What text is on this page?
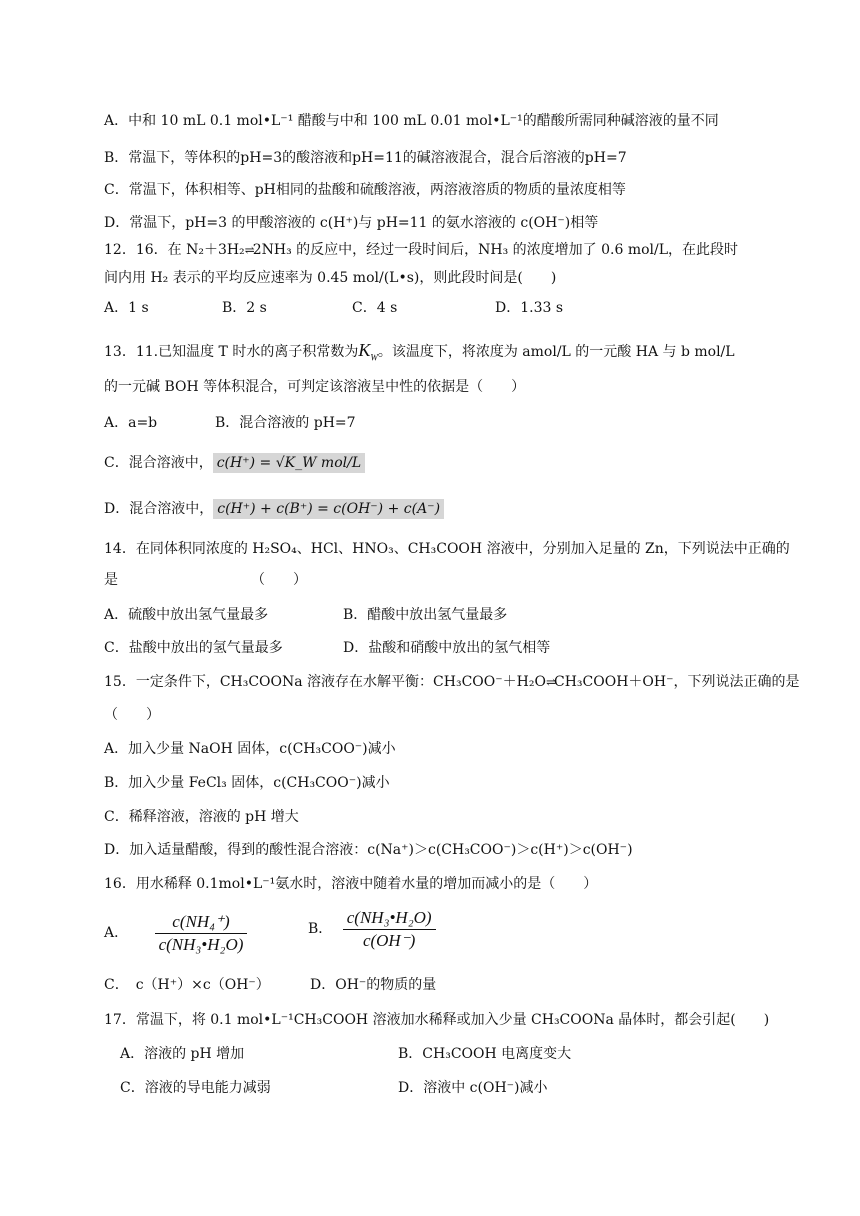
A．中和 10 mL 0.1 mol•L⁻¹ 醋酸与中和 100 mL 0.01 mol•L⁻¹的醋酸所需同种碱溶液的量不同
B．常温下，等体积的pH=3的酸溶液和pH=11的碱溶液混合，混合后溶液的pH=7
C．常温下，体积相等、pH相同的盐酸和硫酸溶液，两溶液溶质的物质的量浓度相等
D．常温下，pH=3 的甲酸溶液的 c(H⁺)与 pH=11 的氨水溶液的 c(OH⁻)相等
12．16．在 N₂＋3H₂⇌2NH₃ 的反应中，经过一段时间后，NH₃ 的浓度增加了 0.6 mol/L，在此段时
间内用 H₂ 表示的平均反应速率为 0.45 mol/(L•s)，则此段时间是(　　)
A．1 s	B．2 s	C．4 s	D．1.33 s
13．11.已知温度 T 时水的离子积常数为$K_W$。该温度下，将浓度为 amol/L 的一元酸 HA 与 b mol/L
的一元碱 BOH 等体积混合，可判定该溶液呈中性的依据是（　　）
A．a=b	B．混合溶液的 pH=7
C．混合溶液中， c(H⁺) = √K_W mol/L
D．混合溶液中， c(H⁺) + c(B⁺) = c(OH⁻) + c(A⁻)
14．在同体积同浓度的 H₂SO₄、HCl、HNO₃、CH₃COOH 溶液中，分别加入足量的 Zn，下列说法中正确的
是　　　　　　　　　　（　　）
A．硫酸中放出氢气量最多	B．醋酸中放出氢气量最多
C．盐酸中放出的氢气量最多	D．盐酸和硝酸中放出的氢气相等
15．一定条件下，CH₃COONa 溶液存在水解平衡：CH₃COO⁻＋H₂O⇌CH₃COOH＋OH⁻，下列说法正确的是
（　　）
A．加入少量 NaOH 固体，c(CH₃COO⁻)减小
B．加入少量 FeCl₃ 固体，c(CH₃COO⁻)减小
C．稀释溶液，溶液的 pH 增大
D．加入适量醋酸，得到的酸性混合溶液：c(Na⁺)＞c(CH₃COO⁻)＞c(H⁺)＞c(OH⁻)
16．用水稀释 0.1mol•L⁻¹氨水时，溶液中随着水量的增加而减小的是（　　）
A． $\frac{\text{c(NH₄⁺)}}{\text{c(NH₃•H₂O)}}$	B． $\frac{\text{c(NH₃•H₂O)}}{c(OH^-)}$
C．　c（H⁺）×c（OH⁻）	D．OH⁻的物质的量
17．常温下，将 0.1 mol•L⁻¹CH₃COOH 溶液加水稀释或加入少量 CH₃COONa 晶体时，都会引起(　　)
A．溶液的 pH 增加	B．CH₃COOH 电离度变大
C．溶液的导电能力减弱	D．溶液中 c(OH⁻)减小
